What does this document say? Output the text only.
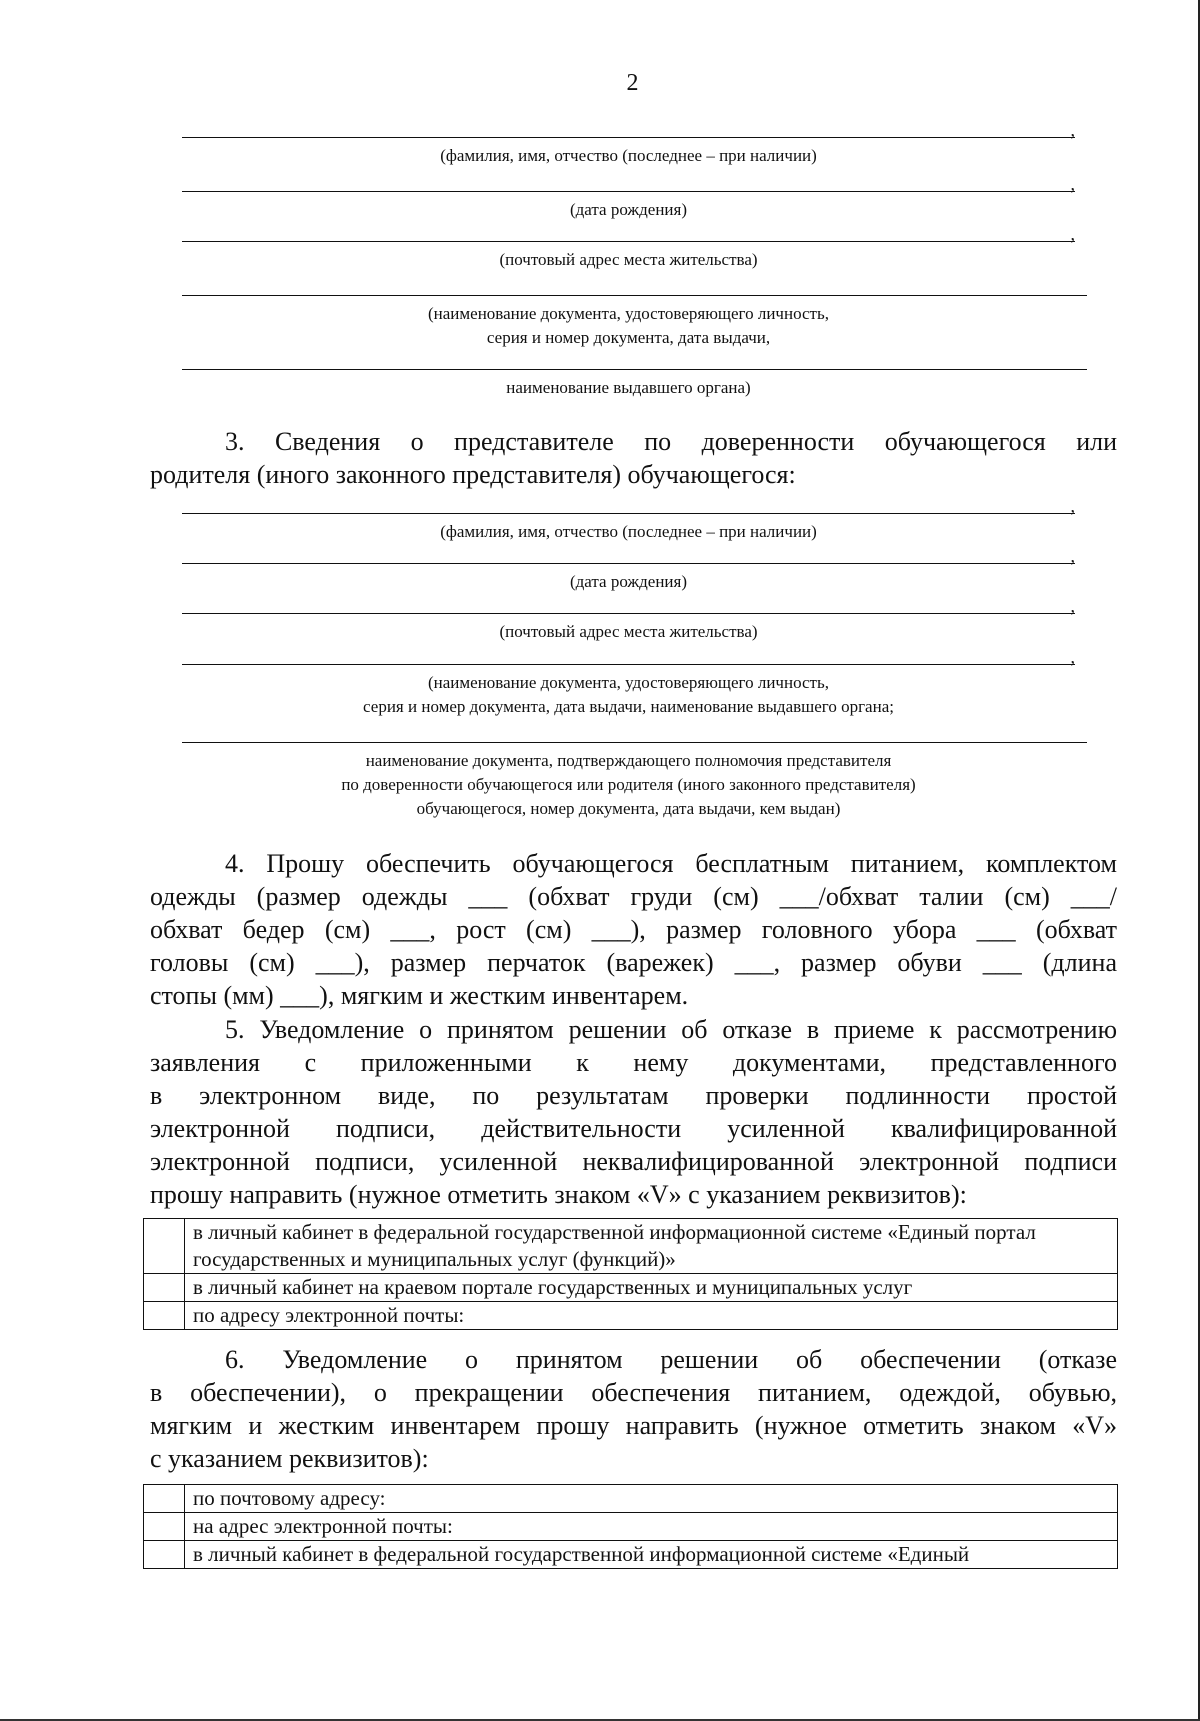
2
,
(фамилия, имя, отчество (последнее – при наличии)
,
(дата рождения)
,
(почтовый адрес места жительства)
(наименование документа, удостоверяющего личность,
серия и номер документа, дата выдачи,
наименование выдавшего органа)
3. Сведения о представителе по доверенности обучающегося или
родителя (иного законного представителя) обучающегося:
,
(фамилия, имя, отчество (последнее – при наличии)
,
(дата рождения)
,
(почтовый адрес места жительства)
,
(наименование документа, удостоверяющего личность,
серия и номер документа, дата выдачи, наименование выдавшего органа;
наименование документа, подтверждающего полномочия представителя
по доверенности обучающегося или родителя (иного законного представителя)
обучающегося, номер документа, дата выдачи, кем выдан)
4. Прошу обеспечить обучающегося бесплатным питанием, комплектом
одежды (размер одежды ___ (обхват груди (см) ___/обхват талии (см) ___/
обхват бедер (см) ___, рост (см) ___), размер головного убора ___ (обхват
головы (см) ___), размер перчаток (варежек) ___, размер обуви ___ (длина
стопы (мм) ___), мягким и жестким инвентарем.
5. Уведомление о принятом решении об отказе в приеме к рассмотрению
заявления с приложенными к нему документами, представленного
в электронном виде, по результатам проверки подлинности простой
электронной подписи, действительности усиленной квалифицированной
электронной подписи, усиленной неквалифицированной электронной подписи
прошу направить (нужное отметить знаком «V» с указанием реквизитов):
	в личный кабинет в федеральной государственной информационной системе «Единый портал государственных и муниципальных услуг (функций)»
	в личный кабинет на краевом портале государственных и муниципальных услуг
	по адресу электронной почты:
6. Уведомление о принятом решении об обеспечении (отказе
в обеспечении), о прекращении обеспечения питанием, одеждой, обувью,
мягким и жестким инвентарем прошу направить (нужное отметить знаком «V»
с указанием реквизитов):
	по почтовому адресу:
	на адрес электронной почты:
	в личный кабинет в федеральной государственной информационной системе «Единый
